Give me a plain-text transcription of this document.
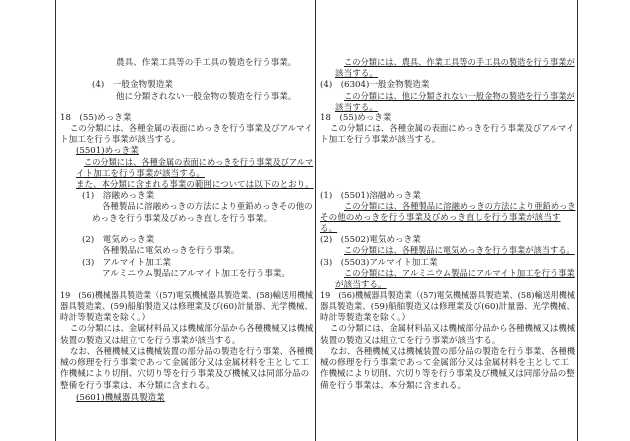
農具、作業工具等の手工具の製造を行う事業。
(4)　一般金物製造業
他に分類されない一般金物の製造を行う事業。
18　(55)めっき業
この分類には、各種金属の表面にめっきを行う事業及びアルマイ
ト加工を行う事業が該当する。
(5501)めっき業
この分類には、各種金属の表面にめっきを行う事業及びアルマ
イト加工を行う事業が該当する。
また、本分類に含まれる事業の範囲については以下のとおり。
(1)　溶融めっき業
各種製品に溶融めっきの方法により亜鉛めっきその他の
めっきを行う事業及びめっき直しを行う事業。
(2)　電気めっき業
各種製品に電気めっきを行う事業。
(3)　アルマイト加工業
アルミニウム製品にアルマイト加工を行う事業。
19　(56)機械器具製造業（(57)電気機械器具製造業、(58)輸送用機械
器具製造業、(59)船舶製造又は修理業及び(60)計量器、光学機械、
時計等製造業を除く。）
この分類には、金属材料品又は機械部分品から各種機械又は機械
装置の製造又は組立てを行う事業が該当する。
なお、各種機械又は機械装置の部分品の製造を行う事業、各種機
械の修理を行う事業であって金属部分又は金属材料を主として工
作機械により切削、穴切り等を行う事業及び機械又は同部分品の
整備を行う事業は、本分類に含まれる。
(5601)機械器具製造業
この分類には、農具、作業工具等の手工具の製造を行う事業が
該当する。
(4)　(6304)一般金物製造業
この分類には、他に分類されない一般金物の製造を行う事業が
該当する。
18　(55)めっき業
この分類には、各種金属の表面にめっきを行う事業及びアルマイ
ト加工を行う事業が該当する。
(1)　(5501)溶融めっき業
この分類には、各種製品に溶融めっきの方法により亜鉛めっき
その他のめっきを行う事業及びめっき直しを行う事業が該当す
る。
(2)　(5502)電気めっき業
この分類には、各種製品に電気めっきを行う事業が該当する。
(3)　(5503)アルマイト加工業
この分類には、アルミニウム製品にアルマイト加工を行う事業
が該当する。
19　(56)機械器具製造業（(57)電気機械器具製造業、(58)輸送用機械
器具製造業、(59)船舶製造又は修理業及び(60)計量器、光学機械、
時計等製造業を除く。）
この分類には、金属材料品又は機械部分品から各種機械又は機械
装置の製造又は組立てを行う事業が該当する。
なお、各種機械又は機械装置の部分品の製造を行う事業、各種機
械の修理を行う事業であって金属部分又は金属材料を主として工
作機械により切削、穴切り等を行う事業及び機械又は同部分品の整
備を行う事業は、本分類に含まれる。
